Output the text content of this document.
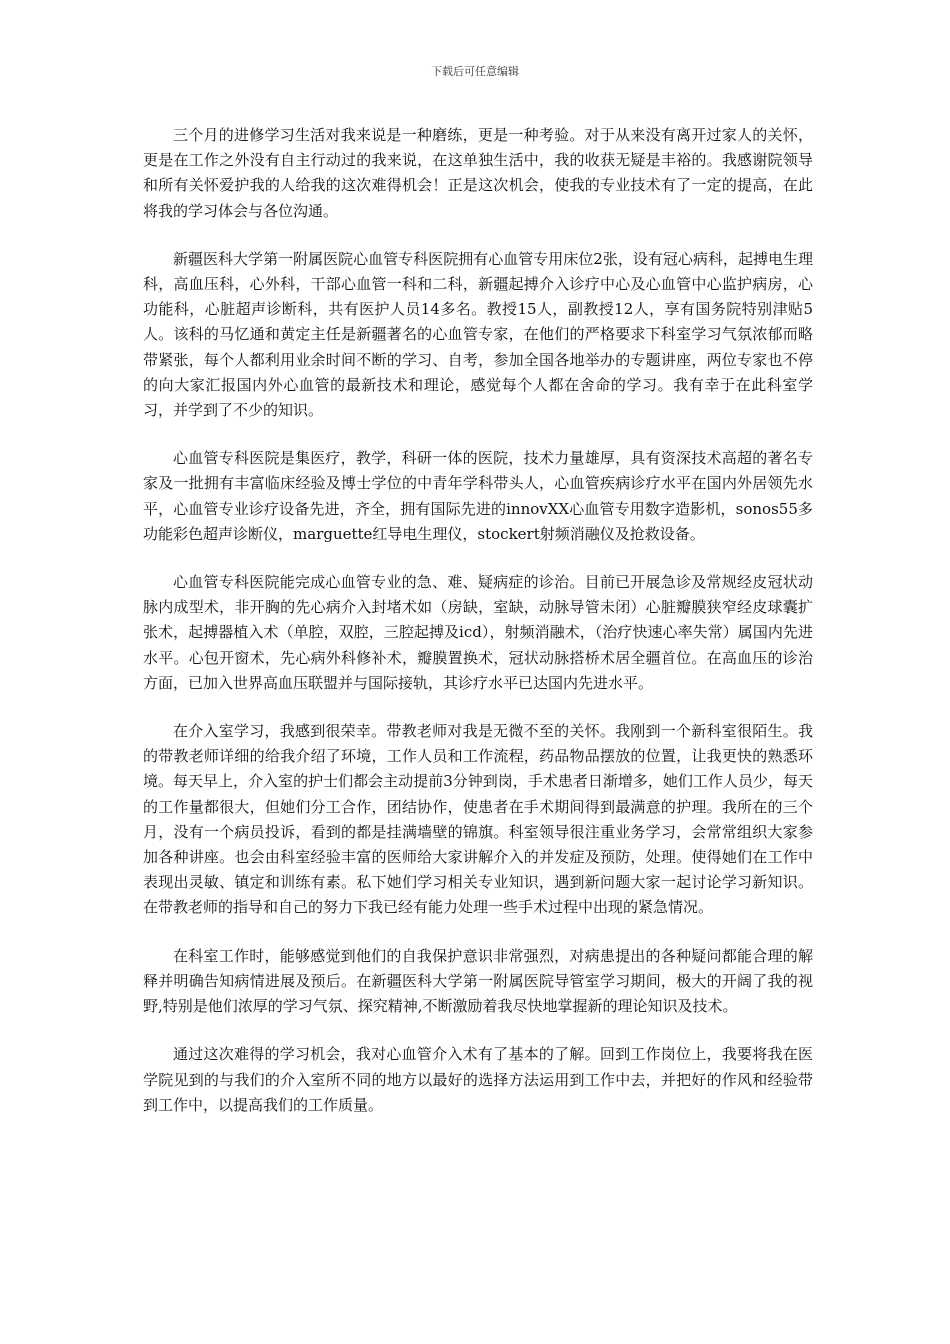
下载后可任意编辑

三个月的进修学习生活对我来说是一种磨练，更是一种考验。对于从来没有离开过家人的关怀，更是在工作之外没有自主行动过的我来说，在这单独生活中，我的收获无疑是丰裕的。我感谢院领导和所有关怀爱护我的人给我的这次难得机会！正是这次机会，使我的专业技术有了一定的提高，在此将我的学习体会与各位沟通。

新疆医科大学第一附属医院心血管专科医院拥有心血管专用床位2张，设有冠心病科，起搏电生理科，高血压科，心外科，干部心血管一科和二科，新疆起搏介入诊疗中心及心血管中心监护病房，心功能科，心脏超声诊断科，共有医护人员14多名。教授15人，副教授12人，享有国务院特别津贴5人。该科的马忆通和黄定主任是新疆著名的心血管专家，在他们的严格要求下科室学习气氛浓郁而略带紧张，每个人都利用业余时间不断的学习、自考，参加全国各地举办的专题讲座，两位专家也不停的向大家汇报国内外心血管的最新技术和理论，感觉每个人都在舍命的学习。我有幸于在此科室学习，并学到了不少的知识。

心血管专科医院是集医疗，教学，科研一体的医院，技术力量雄厚，具有资深技术高超的著名专家及一批拥有丰富临床经验及博士学位的中青年学科带头人，心血管疾病诊疗水平在国内外居领先水平，心血管专业诊疗设备先进，齐全，拥有国际先进的innovXX心血管专用数字造影机，sonos55多功能彩色超声诊断仪，marguette红导电生理仪，stockert射频消融仪及抢救设备。

心血管专科医院能完成心血管专业的急、难、疑病症的诊治。目前已开展急诊及常规经皮冠状动脉内成型术，非开胸的先心病介入封堵术如（房缺，室缺，动脉导管未闭）心脏瓣膜狭窄经皮球囊扩张术，起搏器植入术（单腔，双腔，三腔起搏及icd），射频消融术，（治疗快速心率失常）属国内先进水平。心包开窗术，先心病外科修补术，瓣膜置换术，冠状动脉搭桥术居全疆首位。在高血压的诊治方面，已加入世界高血压联盟并与国际接轨，其诊疗水平已达国内先进水平。

在介入室学习，我感到很荣幸。带教老师对我是无微不至的关怀。我刚到一个新科室很陌生。我的带教老师详细的给我介绍了环境，工作人员和工作流程，药品物品摆放的位置，让我更快的熟悉环境。每天早上，介入室的护士们都会主动提前3分钟到岗，手术患者日渐增多，她们工作人员少，每天的工作量都很大，但她们分工合作，团结协作，使患者在手术期间得到最满意的护理。我所在的三个月，没有一个病员投诉，看到的都是挂满墙壁的锦旗。科室领导很注重业务学习，会常常组织大家参加各种讲座。也会由科室经验丰富的医师给大家讲解介入的并发症及预防，处理。使得她们在工作中表现出灵敏、镇定和训练有素。私下她们学习相关专业知识，遇到新问题大家一起讨论学习新知识。在带教老师的指导和自己的努力下我已经有能力处理一些手术过程中出现的紧急情况。

在科室工作时，能够感觉到他们的自我保护意识非常强烈，对病患提出的各种疑问都能合理的解释并明确告知病情进展及预后。在新疆医科大学第一附属医院导管室学习期间，极大的开阔了我的视野,特别是他们浓厚的学习气氛、探究精神,不断激励着我尽快地掌握新的理论知识及技术。

通过这次难得的学习机会，我对心血管介入术有了基本的了解。回到工作岗位上，我要将我在医学院见到的与我们的介入室所不同的地方以最好的选择方法运用到工作中去，并把好的作风和经验带到工作中，以提高我们的工作质量。
